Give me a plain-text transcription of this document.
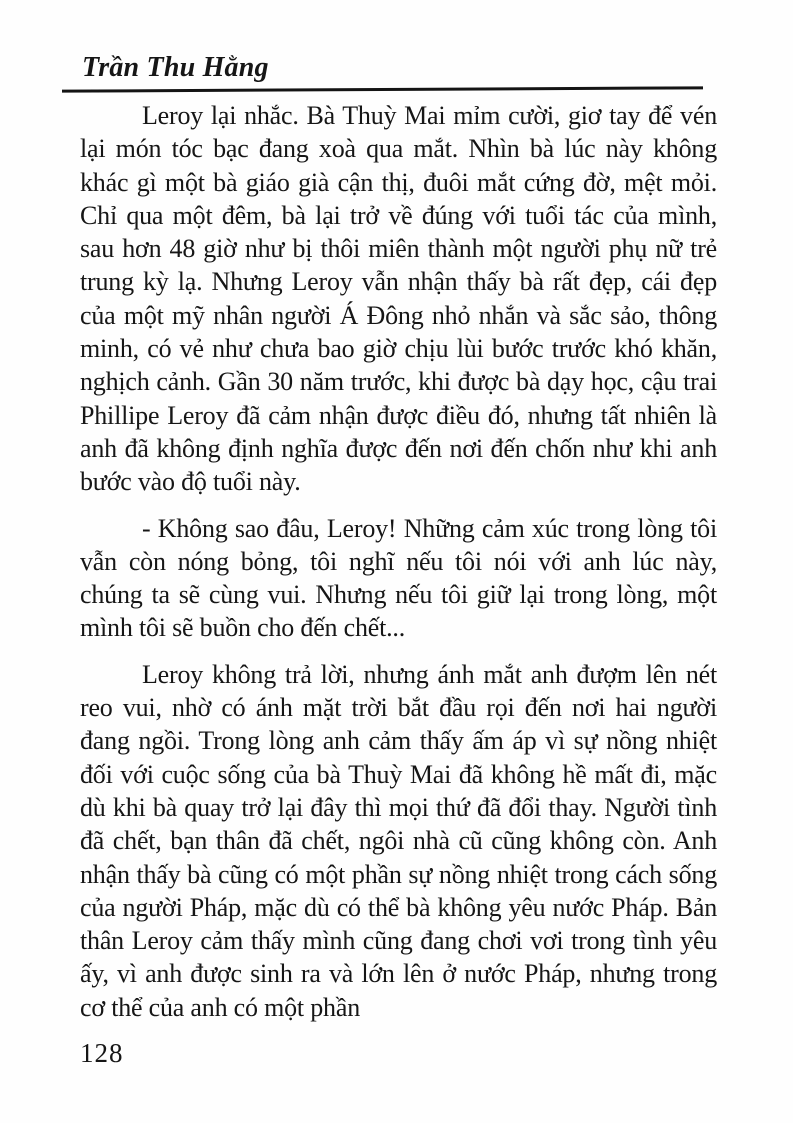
Trần Thu Hằng

Leroy lại nhắc. Bà Thuỳ Mai mỉm cười, giơ tay để vén lại món tóc bạc đang xoà qua mắt. Nhìn bà lúc này không khác gì một bà giáo già cận thị, đuôi mắt cứng đờ, mệt mỏi. Chỉ qua một đêm, bà lại trở về đúng với tuổi tác của mình, sau hơn 48 giờ như bị thôi miên thành một người phụ nữ trẻ trung kỳ lạ. Nhưng Leroy vẫn nhận thấy bà rất đẹp, cái đẹp của một mỹ nhân người Á Đông nhỏ nhắn và sắc sảo, thông minh, có vẻ như chưa bao giờ chịu lùi bước trước khó khăn, nghịch cảnh. Gần 30 năm trước, khi được bà dạy học, cậu trai Phillipe Leroy đã cảm nhận được điều đó, nhưng tất nhiên là anh đã không định nghĩa được đến nơi đến chốn như khi anh bước vào độ tuổi này.

- Không sao đâu, Leroy! Những cảm xúc trong lòng tôi vẫn còn nóng bỏng, tôi nghĩ nếu tôi nói với anh lúc này, chúng ta sẽ cùng vui. Nhưng nếu tôi giữ lại trong lòng, một mình tôi sẽ buồn cho đến chết...

Leroy không trả lời, nhưng ánh mắt anh đượm lên nét reo vui, nhờ có ánh mặt trời bắt đầu rọi đến nơi hai người đang ngồi. Trong lòng anh cảm thấy ấm áp vì sự nồng nhiệt đối với cuộc sống của bà Thuỳ Mai đã không hề mất đi, mặc dù khi bà quay trở lại đây thì mọi thứ đã đổi thay. Người tình đã chết, bạn thân đã chết, ngôi nhà cũ cũng không còn. Anh nhận thấy bà cũng có một phần sự nồng nhiệt trong cách sống của người Pháp, mặc dù có thể bà không yêu nước Pháp. Bản thân Leroy cảm thấy mình cũng đang chơi vơi trong tình yêu ấy, vì anh được sinh ra và lớn lên ở nước Pháp, nhưng trong cơ thể của anh có một phần

128
